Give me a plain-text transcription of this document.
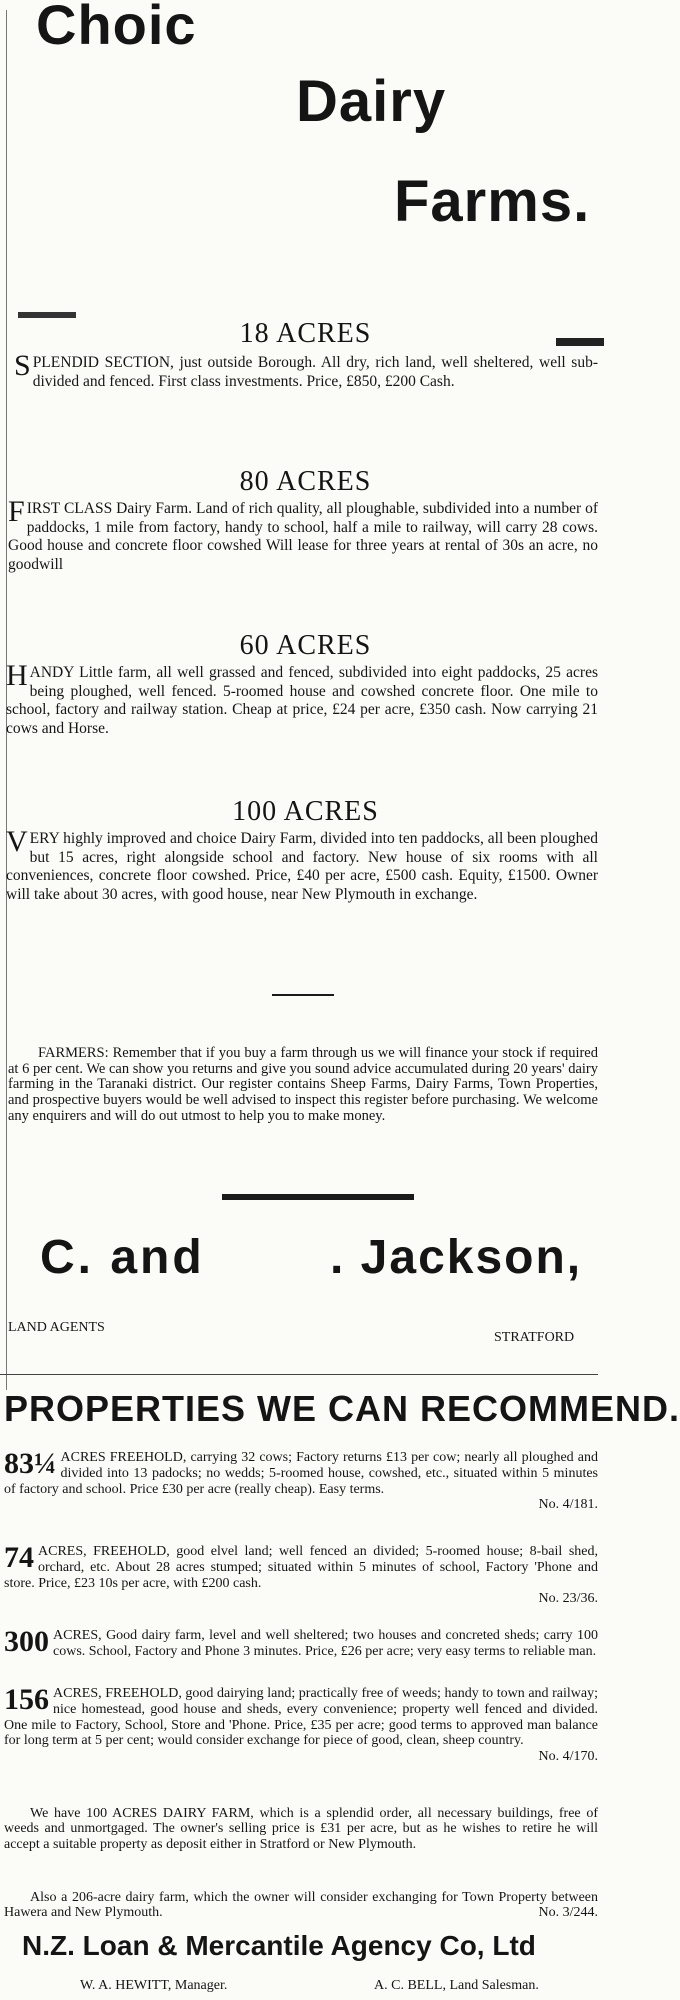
Choic
Dairy
Farms.
18 ACRES
SPLENDID SECTION, just outside Borough. All dry, rich land, well sheltered, well sub-divided and fenced. First class investments. Price, £850, £200 Cash.
80 ACRES
FIRST CLASS Dairy Farm. Land of rich quality, all ploughable, subdivided into a number of paddocks, 1 mile from factory, handy to school, half a mile to railway, will carry 28 cows. Good house and concrete floor cowshed Will lease for three years at rental of 30s an acre, no goodwill
60 ACRES
HANDY Little farm, all well grassed and fenced, subdivided into eight paddocks, 25 acres being ploughed, well fenced. 5-roomed house and cowshed concrete floor. One mile to school, factory and railway station. Cheap at price, £24 per acre, £350 cash. Now carrying 21 cows and Horse.
100 ACRES
VERY highly improved and choice Dairy Farm, divided into ten paddocks, all been ploughed but 15 acres, right alongside school and factory. New house of six rooms with all conveniences, concrete floor cowshed. Price, £40 per acre, £500 cash. Equity, £1500. Owner will take about 30 acres, with good house, near New Plymouth in exchange.
FARMERS: Remember that if you buy a farm through us we will finance your stock if required at 6 per cent. We can show you returns and give you sound advice accumulated during 20 years' dairy farming in the Taranaki district. Our register contains Sheep Farms, Dairy Farms, Town Properties, and prospective buyers would be well advised to inspect this register before purchasing. We welcome any enquirers and will do out utmost to help you to make money.
C. and	. Jackson,
LAND AGENTS
STRATFORD
PROPERTIES WE CAN RECOMMEND.
83¼ ACRES FREEHOLD, carrying 32 cows; Factory returns £13 per cow; nearly all ploughed and divided into 13 padocks; no wedds; 5-roomed house, cowshed, etc., situated within 5 minutes of factory and school. Price £30 per acre (really cheap). Easy terms.
No. 4/181.
74 ACRES, FREEHOLD, good elvel land; well fenced an divided; 5-roomed house; 8-bail shed, orchard, etc. About 28 acres stumped; situated within 5 minutes of school, Factory 'Phone and store. Price, £23 10s per acre, with £200 cash.
No. 23/36.
300 ACRES, Good dairy farm, level and well sheltered; two houses and concreted sheds; carry 100 cows. School, Factory and Phone 3 minutes. Price, £26 per acre; very easy terms to reliable man.
156 ACRES, FREEHOLD, good dairying land; practically free of weeds; handy to town and railway; nice homestead, good house and sheds, every convenience; property well fenced and divided. One mile to Factory, School, Store and 'Phone. Price, £35 per acre; good terms to approved man balance for long term at 5 per cent; would consider exchange for piece of good, clean, sheep country.
No. 4/170.
We have 100 ACRES DAIRY FARM, which is a splendid order, all necessary buildings, free of weeds and unmortgaged. The owner's selling price is £31 per acre, but as he wishes to retire he will accept a suitable property as deposit either in Stratford or New Plymouth.
Also a 206-acre dairy farm, which the owner will consider exchanging for Town Property between Hawera and New Plymouth.	No. 3/244.
N.Z. Loan & Mercantile Agency Co, Ltd
W. A. HEWITT, Manager.	A. C. BELL, Land Salesman.
